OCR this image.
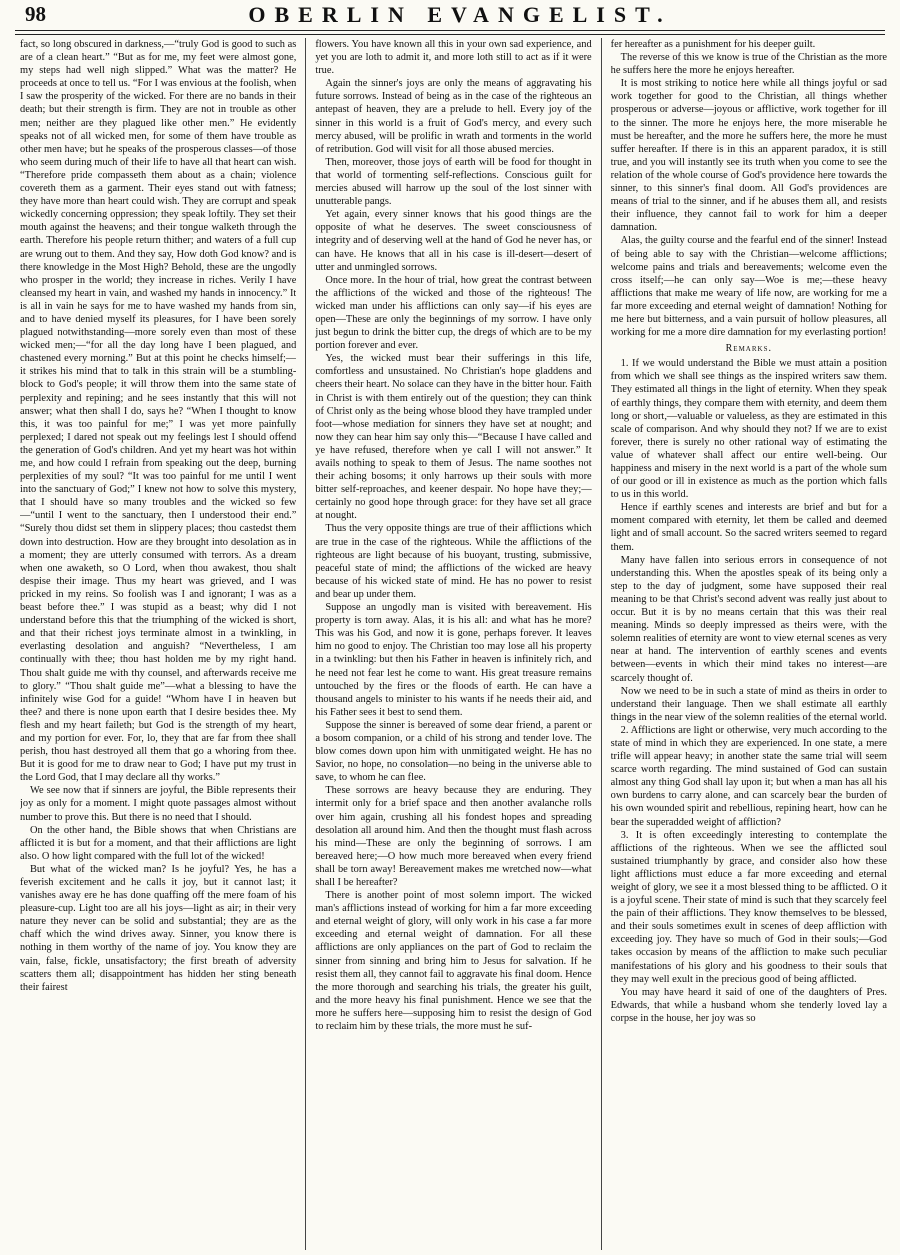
98	OBERLIN EVANGELIST.

fact, so long obscured in darkness,—“truly God is good to such as are of a clean heart.” “But as for me, my feet were almost gone, my steps had well nigh slipped.” What was the matter? He proceeds at once to tell us. “For I was envious at the foolish, when I saw the prosperity of the wicked. For there are no bands in their death; but their strength is firm. They are not in trouble as other men; neither are they plagued like other men.” He evidently speaks not of all wicked men, for some of them have trouble as other men have; but he speaks of the prosperous classes—of those who seem during much of their life to have all that heart can wish. “Therefore pride compasseth them about as a chain; violence covereth them as a garment. Their eyes stand out with fatness; they have more than heart could wish. They are corrupt and speak wickedly concerning oppression; they speak loftily. They set their mouth against the heavens; and their tongue walketh through the earth. Therefore his people return thither; and waters of a full cup are wrung out to them. And they say, How doth God know? and is there knowledge in the Most High? Behold, these are the ungodly who prosper in the world; they increase in riches. Verily I have cleansed my heart in vain, and washed my hands in innocency.” It is all in vain he says for me to have washed my hands from sin, and to have denied myself its pleasures, for I have been sorely plagued notwithstanding—more sorely even than most of these wicked men;—“for all the day long have I been plagued, and chastened every morning.” But at this point he checks himself;—it strikes his mind that to talk in this strain will be a stumbling-block to God's people; it will throw them into the same state of perplexity and repining; and he sees instantly that this will not answer; what then shall I do, says he? “When I thought to know this, it was too painful for me;” I was yet more painfully perplexed; I dared not speak out my feelings lest I should offend the generation of God's children. And yet my heart was hot within me, and how could I refrain from speaking out the deep, burning perplexities of my soul? “It was too painful for me until I went into the sanctuary of God;” I knew not how to solve this mystery, that I should have so many troubles and the wicked so few—“until I went to the sanctuary, then I understood their end.” “Surely thou didst set them in slippery places; thou castedst them down into destruction. How are they brought into desolation as in a moment; they are utterly consumed with terrors. As a dream when one awaketh, so O Lord, when thou awakest, thou shalt despise their image. Thus my heart was grieved, and I was pricked in my reins. So foolish was I and ignorant; I was as a beast before thee.” I was stupid as a beast; why did I not understand before this that the triumphing of the wicked is short, and that their richest joys terminate almost in a twinkling, in everlasting desolation and anguish? “Nevertheless, I am continually with thee; thou hast holden me by my right hand. Thou shalt guide me with thy counsel, and afterwards receive me to glory.” “Thou shalt guide me”—what a blessing to have the infinitely wise God for a guide! “Whom have I in heaven but thee? and there is none upon earth that I desire besides thee. My flesh and my heart faileth; but God is the strength of my heart, and my portion for ever. For, lo, they that are far from thee shall perish, thou hast destroyed all them that go a whoring from thee. But it is good for me to draw near to God; I have put my trust in the Lord God, that I may declare all thy works.”

We see now that if sinners are joyful, the Bible represents their joy as only for a moment. I might quote passages almost without number to prove this. But there is no need that I should.

On the other hand, the Bible shows that when Christians are afflicted it is but for a moment, and that their afflictions are light also. O how light compared with the full lot of the wicked!

But what of the wicked man? Is he joyful? Yes, he has a feverish excitement and he calls it joy, but it cannot last; it vanishes away ere he has done quaffing off the mere foam of his pleasure-cup. Light too are all his joys—light as air; in their very nature they never can be solid and substantial; they are as the chaff which the wind drives away. Sinner, you know there is nothing in them worthy of the name of joy. You know they are vain, false, fickle, unsatisfactory; the first breath of adversity scatters them all; disappointment has hidden her sting beneath their fairest

flowers. You have known all this in your own sad experience, and yet you are loth to admit it, and more loth still to act as if it were true.

Again the sinner's joys are only the means of aggravating his future sorrows. Instead of being as in the case of the righteous an antepast of heaven, they are a prelude to hell. Every joy of the sinner in this world is a fruit of God's mercy, and every such mercy abused, will be prolific in wrath and torments in the world of retribution. God will visit for all those abused mercies.

Then, moreover, those joys of earth will be food for thought in that world of tormenting self-reflections. Conscious guilt for mercies abused will harrow up the soul of the lost sinner with unutterable pangs.

Yet again, every sinner knows that his good things are the opposite of what he deserves. The sweet consciousness of integrity and of deserving well at the hand of God he never has, or can have. He knows that all in his case is ill-desert—desert of utter and unmingled sorrows.

Once more. In the hour of trial, how great the contrast between the afflictions of the wicked and those of the righteous! The wicked man under his afflictions can only say—if his eyes are open—These are only the beginnings of my sorrow. I have only just begun to drink the bitter cup, the dregs of which are to be my portion forever and ever.

Yes, the wicked must bear their sufferings in this life, comfortless and unsustained. No Christian's hope gladdens and cheers their heart. No solace can they have in the bitter hour. Faith in Christ is with them entirely out of the question; they can think of Christ only as the being whose blood they have trampled under foot—whose mediation for sinners they have set at nought; and now they can hear him say only this—“Because I have called and ye have refused, therefore when ye call I will not answer.” It avails nothing to speak to them of Jesus. The name soothes not their aching bosoms; it only harrows up their souls with more bitter self-reproaches, and keener despair. No hope have they;—certainly no good hope through grace: for they have set all grace at nought.

Thus the very opposite things are true of their afflictions which are true in the case of the righteous. While the afflictions of the righteous are light because of his buoyant, trusting, submissive, peaceful state of mind; the afflictions of the wicked are heavy because of his wicked state of mind. He has no power to resist and bear up under them.

Suppose an ungodly man is visited with bereavement. His property is torn away. Alas, it is his all: and what has he more? This was his God, and now it is gone, perhaps forever. It leaves him no good to enjoy. The Christian too may lose all his property in a twinkling: but then his Father in heaven is infinitely rich, and he need not fear lest he come to want. His great treasure remains untouched by the fires or the floods of earth. He can have a thousand angels to minister to his wants if he needs their aid, and his Father sees it best to send them.

Suppose the sinner is bereaved of some dear friend, a parent or a bosom companion, or a child of his strong and tender love. The blow comes down upon him with unmitigated weight. He has no Savior, no hope, no consolation—no being in the universe able to save, to whom he can flee.

These sorrows are heavy because they are enduring. They intermit only for a brief space and then another avalanche rolls over him again, crushing all his fondest hopes and spreading desolation all around him. And then the thought must flash across his mind—These are only the beginning of sorrows. I am bereaved here;—O how much more bereaved when every friend shall be torn away! Bereavement makes me wretched now—what shall I be hereafter?

There is another point of most solemn import. The wicked man's afflictions instead of working for him a far more exceeding and eternal weight of glory, will only work in his case a far more exceeding and eternal weight of damnation. For all these afflictions are only appliances on the part of God to reclaim the sinner from sinning and bring him to Jesus for salvation. If he resist them all, they cannot fail to aggravate his final doom. Hence the more thorough and searching his trials, the greater his guilt, and the more heavy his final punishment. Hence we see that the more he suffers here—supposing him to resist the design of God to reclaim him by these trials, the more must he suf-

fer hereafter as a punishment for his deeper guilt.

The reverse of this we know is true of the Christian as the more he suffers here the more he enjoys hereafter.

It is most striking to notice here while all things joyful or sad work together for good to the Christian, all things whether prosperous or adverse—joyous or afflictive, work together for ill to the sinner. The more he enjoys here, the more miserable he must be hereafter, and the more he suffers here, the more he must suffer hereafter. If there is in this an apparent paradox, it is still true, and you will instantly see its truth when you come to see the relation of the whole course of God's providence here towards the sinner, to this sinner's final doom. All God's providences are means of trial to the sinner, and if he abuses them all, and resists their influence, they cannot fail to work for him a deeper damnation.

Alas, the guilty course and the fearful end of the sinner! Instead of being able to say with the Christian—welcome afflictions; welcome pains and trials and bereavements; welcome even the cross itself;—he can only say—Woe is me;—these heavy afflictions that make me weary of life now, are working for me a far more exceeding and eternal weight of damnation! Nothing for me here but bitterness, and a vain pursuit of hollow pleasures, all working for me a more dire damnation for my everlasting portion!

Remarks.

1. If we would understand the Bible we must attain a position from which we shall see things as the inspired writers saw them. They estimated all things in the light of eternity. When they speak of earthly things, they compare them with eternity, and deem them long or short,—valuable or valueless, as they are estimated in this scale of comparison. And why should they not? If we are to exist forever, there is surely no other rational way of estimating the value of whatever shall affect our entire well-being. Our happiness and misery in the next world is a part of the whole sum of our good or ill in existence as much as the portion which falls to us in this world.

Hence if earthly scenes and interests are brief and but for a moment compared with eternity, let them be called and deemed light and of small account. So the sacred writers seemed to regard them.

Many have fallen into serious errors in consequence of not understanding this. When the apostles speak of its being only a step to the day of judgment, some have supposed their real meaning to be that Christ's second advent was really just about to occur. But it is by no means certain that this was their real meaning. Minds so deeply impressed as theirs were, with the solemn realities of eternity are wont to view eternal scenes as very near at hand. The intervention of earthly scenes and events between—events in which their mind takes no interest—are scarcely thought of.

Now we need to be in such a state of mind as theirs in order to understand their language. Then we shall estimate all earthly things in the near view of the solemn realities of the eternal world.

2. Afflictions are light or otherwise, very much according to the state of mind in which they are experienced. In one state, a mere trifle will appear heavy; in another state the same trial will seem scarce worth regarding. The mind sustained of God can sustain almost any thing God shall lay upon it; but when a man has all his own burdens to carry alone, and can scarcely bear the burden of his own wounded spirit and rebellious, repining heart, how can he bear the superadded weight of affliction?

3. It is often exceedingly interesting to contemplate the afflictions of the righteous. When we see the afflicted soul sustained triumphantly by grace, and consider also how these light afflictions must educe a far more exceeding and eternal weight of glory, we see it a most blessed thing to be afflicted. O it is a joyful scene. Their state of mind is such that they scarcely feel the pain of their afflictions. They know themselves to be blessed, and their souls sometimes exult in scenes of deep affliction with exceeding joy. They have so much of God in their souls;—God takes occasion by means of the affliction to make such peculiar manifestations of his glory and his goodness to their souls that they may well exult in the precious good of being afflicted.

You may have heard it said of one of the daughters of Pres. Edwards, that while a husband whom she tenderly loved lay a corpse in the house, her joy was so
